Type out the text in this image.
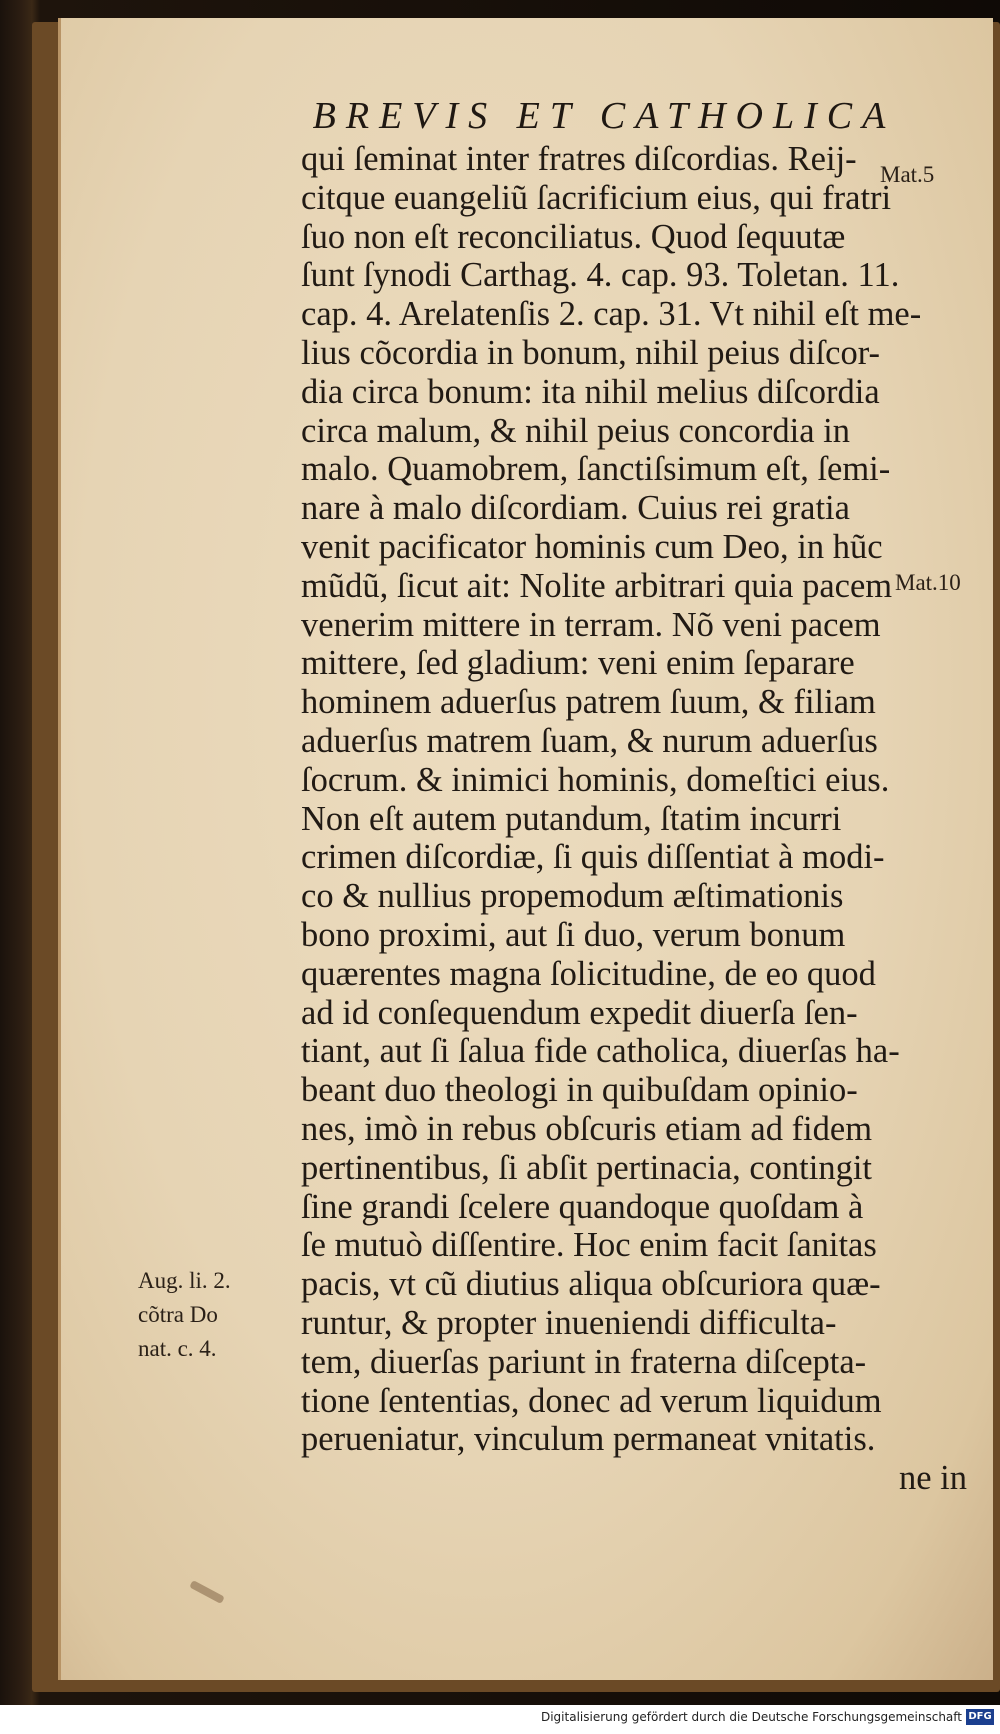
BREVIS ET CATHOLICA
qui ſeminat inter fratres diſcordias. Reij-
citque euangeliũ ſacrificium eius, qui fratri
ſuo non eſt reconciliatus. Quod ſequutæ
ſunt ſynodi Carthag. 4. cap. 93. Toletan. 11.
cap. 4. Arelatenſis 2. cap. 31. Vt nihil eſt me-
lius cõcordia in bonum, nihil peius diſcor-
dia circa bonum: ita nihil melius diſcordia
circa malum, & nihil peius concordia in
malo. Quamobrem, ſanctiſsimum eſt, ſemi-
nare à malo diſcordiam. Cuius rei gratia
venit pacificator hominis cum Deo, in hũc
mũdũ, ſicut ait: Nolite arbitrari quia pacem
venerim mittere in terram. Nõ veni pacem
mittere, ſed gladium: veni enim ſeparare
hominem aduerſus patrem ſuum, & filiam
aduerſus matrem ſuam, & nurum aduerſus
ſocrum. & inimici hominis, domeſtici eius.
Non eſt autem putandum, ſtatim incurri
crimen diſcordiæ, ſi quis diſſentiat à modi-
co & nullius propemodum æſtimationis
bono proximi, aut ſi duo, verum bonum
quærentes magna ſolicitudine, de eo quod
ad id conſequendum expedit diuerſa ſen-
tiant, aut ſi ſalua fide catholica, diuerſas ha-
beant duo theologi in quibuſdam opinio-
nes, imò in rebus obſcuris etiam ad fidem
pertinentibus, ſi abſit pertinacia, contingit
ſine grandi ſcelere quandoque quoſdam à
ſe mutuò diſſentire. Hoc enim facit ſanitas
pacis, vt cũ diutius aliqua obſcuriora quæ-
runtur, & propter inueniendi difficulta-
tem, diuerſas pariunt in fraterna diſcepta-
tione ſententias, donec ad verum liquidum
perueniatur, vinculum permaneat vnitatis.
ne in
Mat.5
Mat.10
Aug. li. 2.
cõtra Do
nat. c. 4.
Digitalisierung gefördert durch die Deutsche Forschungsgemeinschaft DFG
